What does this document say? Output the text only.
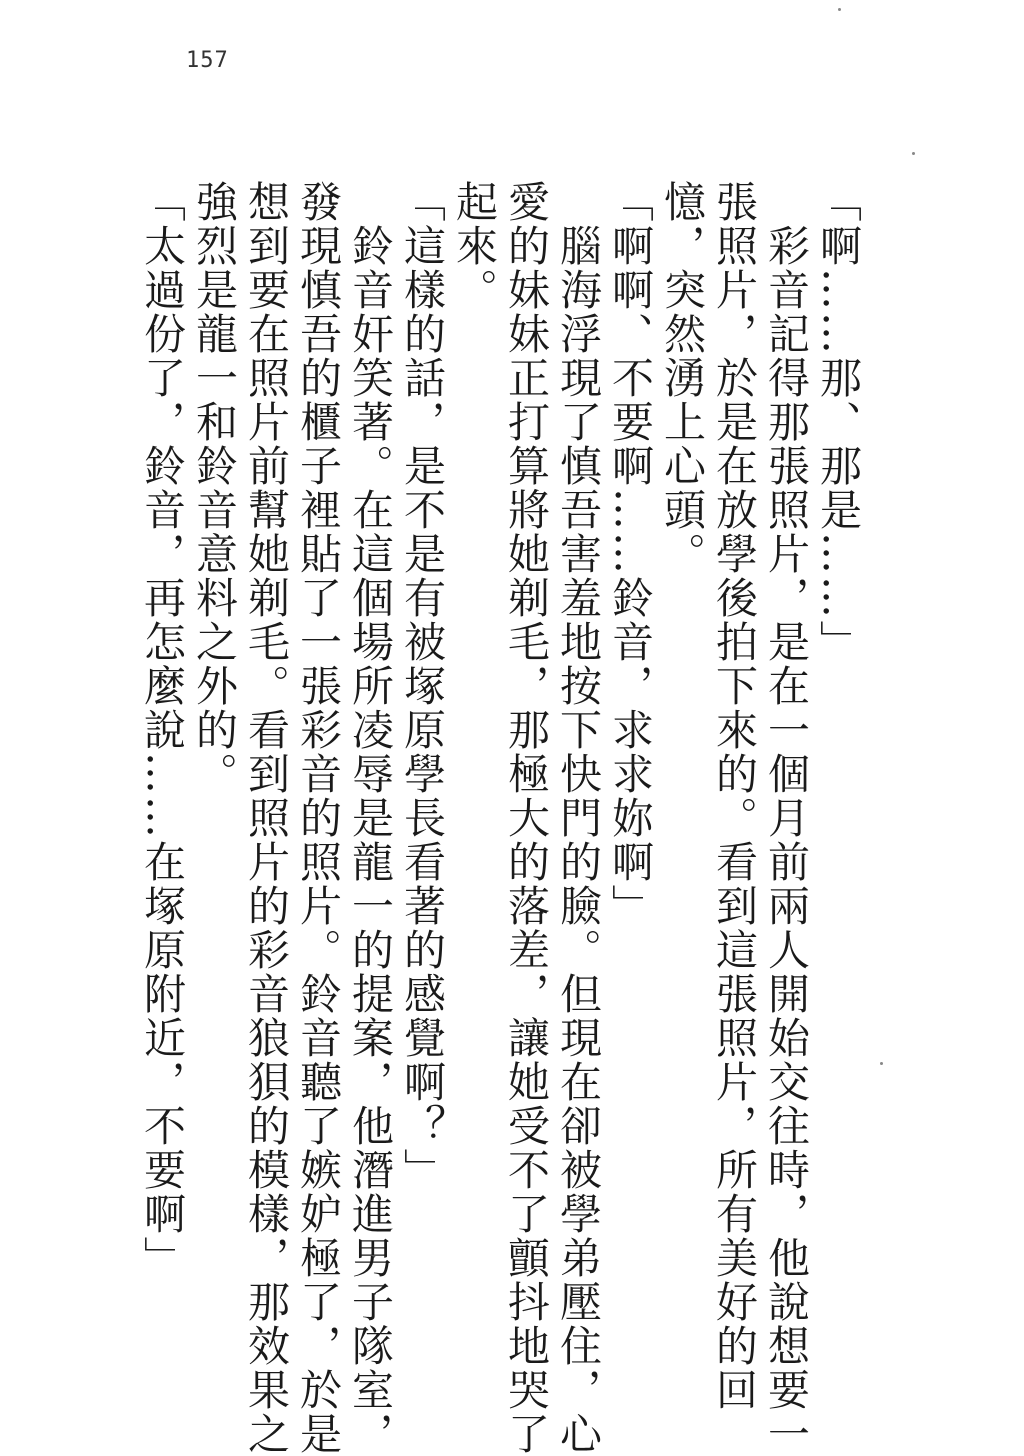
157

「啊……那、那是……」

彩音記得那張照片，是在一個月前兩人開始交往時，他說想要一

張照片，於是在放學後拍下來的。看到這張照片，所有美好的回

憶，突然湧上心頭。

「啊啊、不要啊……鈴音，求求妳啊」

腦海浮現了慎吾害羞地按下快門的臉。但現在卻被學弟壓住，心

愛的妹妹正打算將她剃毛，那極大的落差，讓她受不了顫抖地哭了

起來。

「這樣的話，是不是有被塚原學長看著的感覺啊？」

鈴音奸笑著。在這個場所凌辱是龍一的提案，他潛進男子隊室，

發現慎吾的櫃子裡貼了一張彩音的照片。鈴音聽了嫉妒極了，於是

想到要在照片前幫她剃毛。看到照片的彩音狼狽的模樣，那效果之

強烈是龍一和鈴音意料之外的。

「太過份了，鈴音，再怎麼說……在塚原附近，不要啊」
